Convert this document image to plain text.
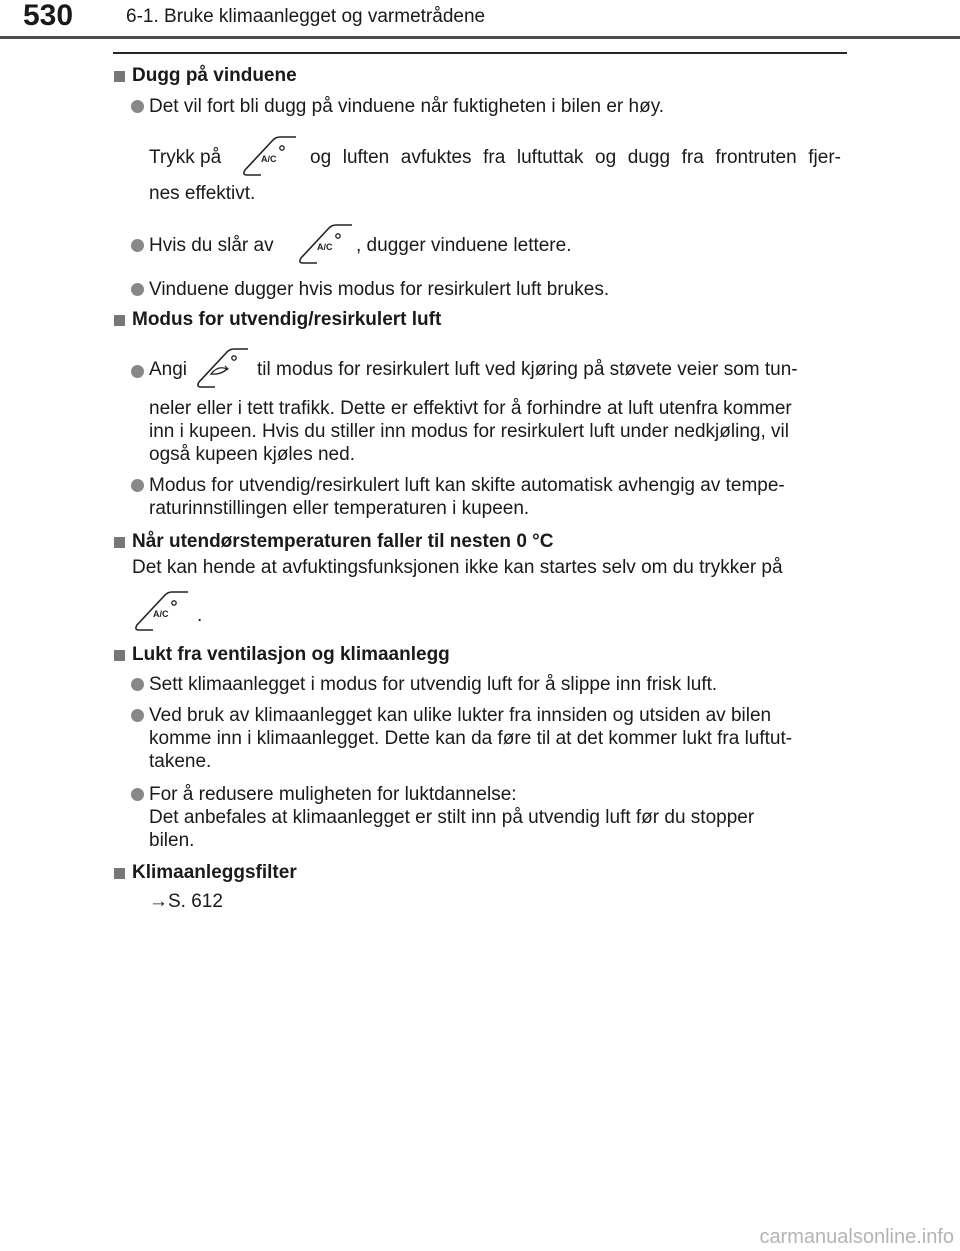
530	6-1. Bruke klimaanlegget og varmetrådene
Dugg på vinduene
Det vil fort bli dugg på vinduene når fuktigheten i bilen er høy.
Trykk på	A/C og luften avfuktes fra luftuttak og dugg fra frontruten fjer-
nes effektivt.
Hvis du slår av	A/C , dugger vinduene lettere.
Vinduene dugger hvis modus for resirkulert luft brukes.
Modus for utvendig/resirkulert luft
Angi	til modus for resirkulert luft ved kjøring på støvete veier som tun-
neler eller i tett trafikk. Dette er effektivt for å forhindre at luft utenfra kommer
inn i kupeen. Hvis du stiller inn modus for resirkulert luft under nedkjøling, vil
også kupeen kjøles ned.
Modus for utvendig/resirkulert luft kan skifte automatisk avhengig av tempe-
raturinnstillingen eller temperaturen i kupeen.
Når utendørstemperaturen faller til nesten 0 °C
Det kan hende at avfuktingsfunksjonen ikke kan startes selv om du trykker på
A/C .
Lukt fra ventilasjon og klimaanlegg
Sett klimaanlegget i modus for utvendig luft for å slippe inn frisk luft.
Ved bruk av klimaanlegget kan ulike lukter fra innsiden og utsiden av bilen
komme inn i klimaanlegget. Dette kan da føre til at det kommer lukt fra luftut-
takene.
For å redusere muligheten for luktdannelse:
Det anbefales at klimaanlegget er stilt inn på utvendig luft før du stopper
bilen.
Klimaanleggsfilter
→S. 612
carmanualsonline.info
